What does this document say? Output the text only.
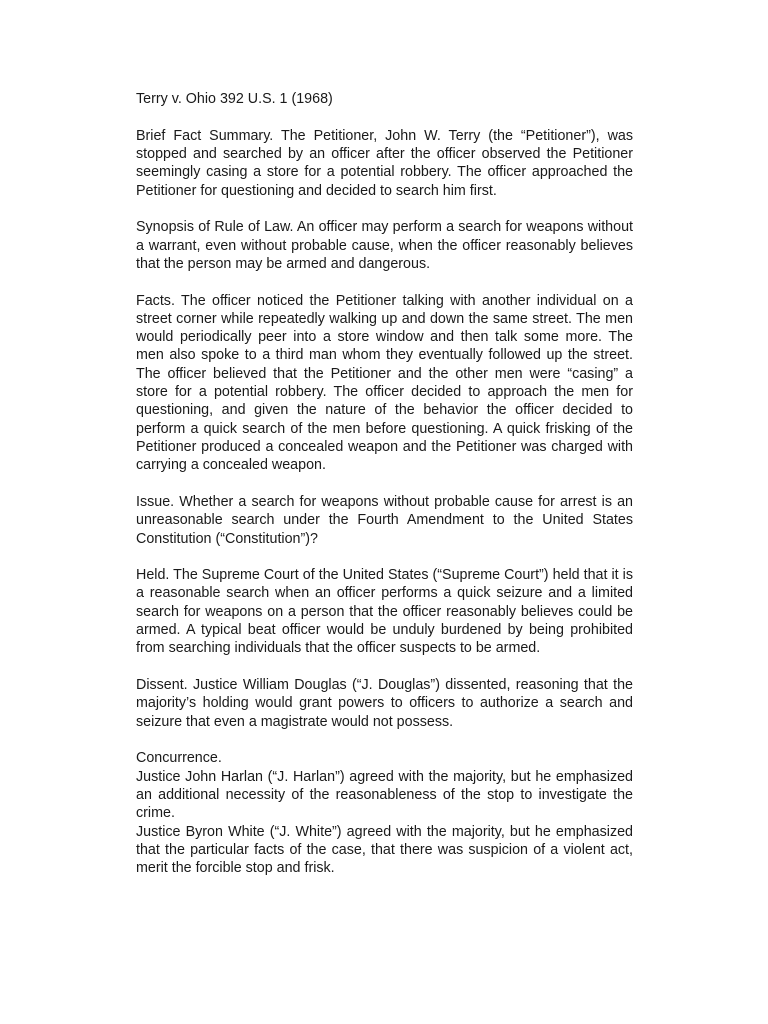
Terry v. Ohio 392 U.S. 1 (1968)

Brief Fact Summary. The Petitioner, John W. Terry (the “Petitioner”), was stopped and searched by an officer after the officer observed the Petitioner seemingly casing a store for a potential robbery. The officer approached the Petitioner for questioning and decided to search him first.

Synopsis of Rule of Law. An officer may perform a search for weapons without a warrant, even without probable cause, when the officer reasonably believes that the person may be armed and dangerous.

Facts. The officer noticed the Petitioner talking with another individual on a street corner while repeatedly walking up and down the same street. The men would periodically peer into a store window and then talk some more. The men also spoke to a third man whom they eventually followed up the street. The officer believed that the Petitioner and the other men were “casing” a store for a potential robbery. The officer decided to approach the men for questioning, and given the nature of the behavior the officer decided to perform a quick search of the men before questioning. A quick frisking of the Petitioner produced a concealed weapon and the Petitioner was charged with carrying a concealed weapon.

Issue. Whether a search for weapons without probable cause for arrest is an unreasonable search under the Fourth Amendment to the United States Constitution (“Constitution”)?

Held. The Supreme Court of the United States (“Supreme Court”) held that it is a reasonable search when an officer performs a quick seizure and a limited search for weapons on a person that the officer reasonably believes could be armed. A typical beat officer would be unduly burdened by being prohibited from searching individuals that the officer suspects to be armed.

Dissent. Justice William Douglas (“J. Douglas”) dissented, reasoning that the majority’s holding would grant powers to officers to authorize a search and seizure that even a magistrate would not possess.

Concurrence.

Justice John Harlan (“J. Harlan”) agreed with the majority, but he emphasized an additional necessity of the reasonableness of the stop to investigate the crime.

Justice Byron White (“J. White”) agreed with the majority, but he emphasized that the particular facts of the case, that there was suspicion of a violent act, merit the forcible stop and frisk.
